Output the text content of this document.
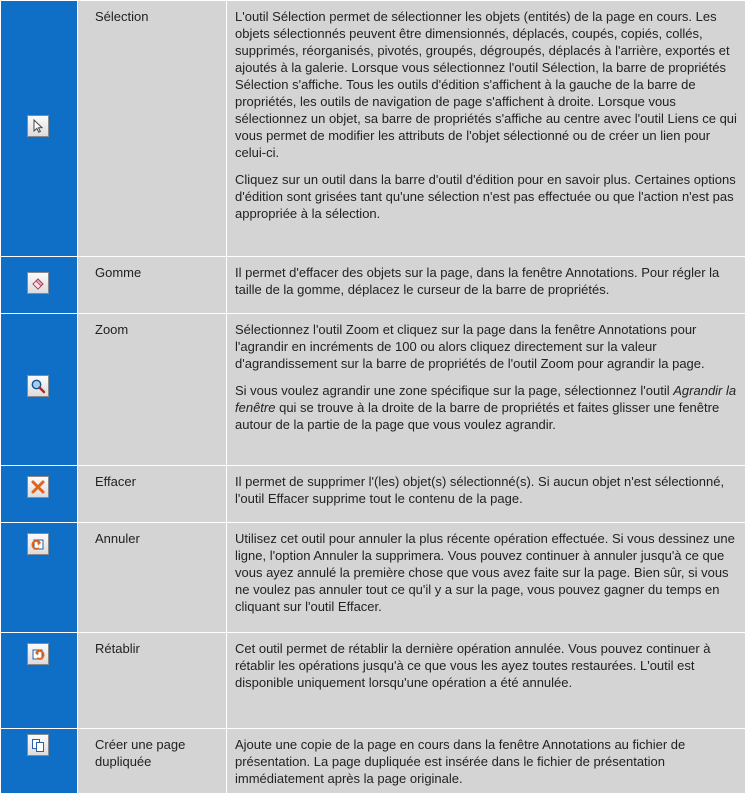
	Sélection	L'outil Sélection permet de sélectionner les objets (entités) de la page en cours. Les objets sélectionnés peuvent être dimensionnés, déplacés, coupés, copiés, collés, supprimés, réorganisés, pivotés, groupés, dégroupés, déplacés à l'arrière, exportés et ajoutés à la galerie. Lorsque vous sélectionnez l'outil Sélection, la barre de propriétés Sélection s'affiche. Tous les outils d'édition s'affichent à la gauche de la barre de propriétés, les outils de navigation de page s'affichent à droite. Lorsque vous sélectionnez un objet, sa barre de propriétés s'affiche au centre avec l'outil Liens ce qui vous permet de modifier les attributs de l'objet sélectionné ou de créer un lien pour celui-ci.

Cliquez sur un outil dans la barre d'outil d'édition pour en savoir plus. Certaines options d'édition sont grisées tant qu'une sélection n'est pas effectuée ou que l'action n'est pas appropriée à la sélection.

	Gomme	Il permet d'effacer des objets sur la page, dans la fenêtre Annotations. Pour régler la taille de la gomme, déplacez le curseur de la barre de propriétés.

	Zoom	Sélectionnez l'outil Zoom et cliquez sur la page dans la fenêtre Annotations pour l'agrandir en incréments de 100 ou alors cliquez directement sur la valeur d'agrandissement sur la barre de propriétés de l'outil Zoom pour agrandir la page.

Si vous voulez agrandir une zone spécifique sur la page, sélectionnez l'outil Agrandir la fenêtre qui se trouve à la droite de la barre de propriétés et faites glisser une fenêtre autour de la partie de la page que vous voulez agrandir.

	Effacer	Il permet de supprimer l'(les) objet(s) sélectionné(s). Si aucun objet n'est sélectionné, l'outil Effacer supprime tout le contenu de la page.

	Annuler	Utilisez cet outil pour annuler la plus récente opération effectuée. Si vous dessinez une ligne, l'option Annuler la supprimera. Vous pouvez continuer à annuler jusqu'à ce que vous ayez annulé la première chose que vous avez faite sur la page. Bien sûr, si vous ne voulez pas annuler tout ce qu'il y a sur la page, vous pouvez gagner du temps en cliquant sur l'outil Effacer.

	Rétablir	Cet outil permet de rétablir la dernière opération annulée. Vous pouvez continuer à rétablir les opérations jusqu'à ce que vous les ayez toutes restaurées. L'outil est disponible uniquement lorsqu'une opération a été annulée.

	Créer une page dupliquée	Ajoute une copie de la page en cours dans la fenêtre Annotations au fichier de présentation. La page dupliquée est insérée dans le fichier de présentation immédiatement après la page originale.
